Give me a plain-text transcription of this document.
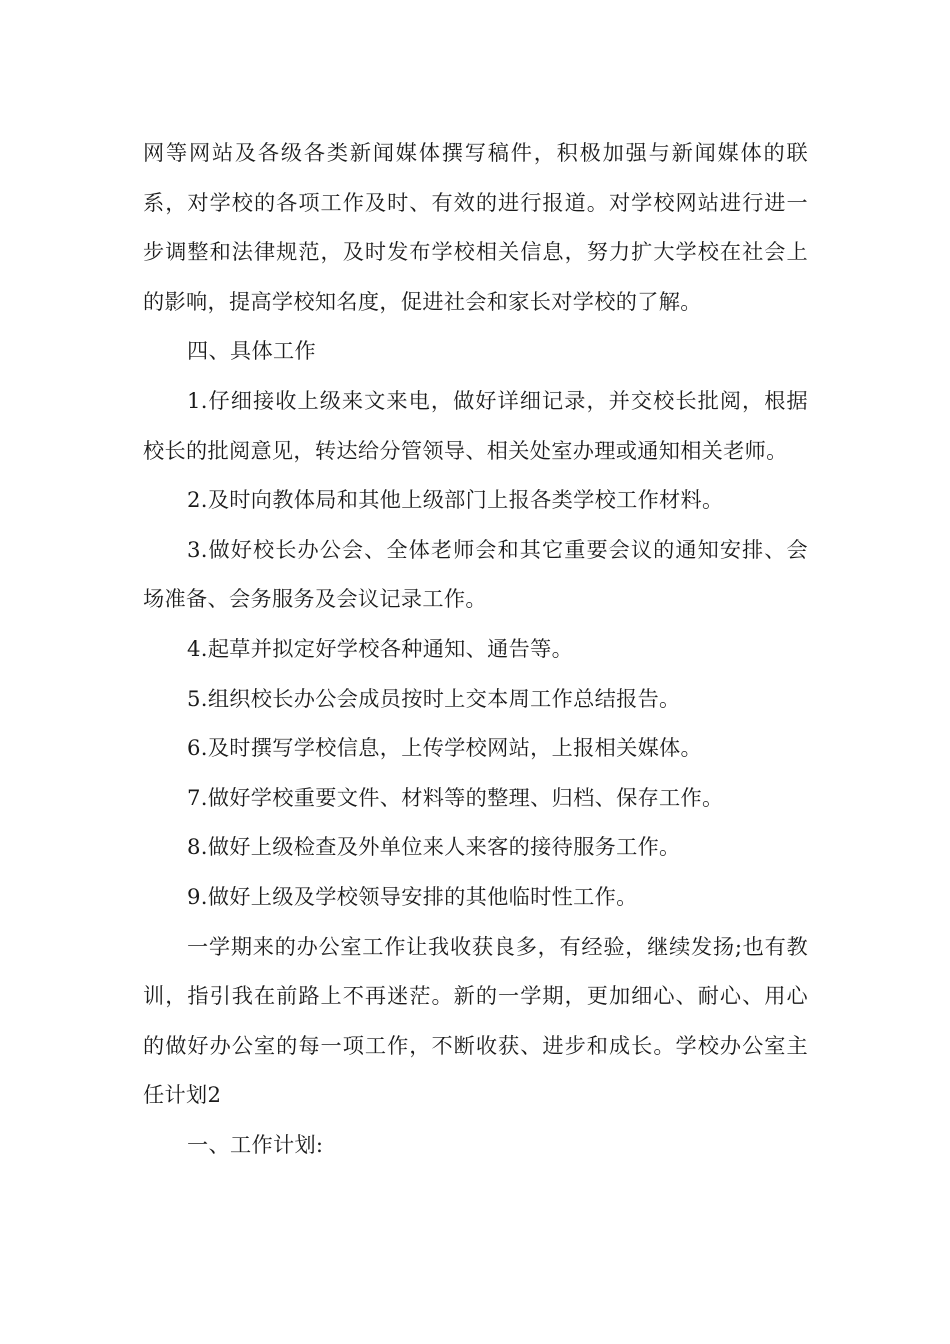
网等网站及各级各类新闻媒体撰写稿件，积极加强与新闻媒体的联系，对学校的各项工作及时、有效的进行报道。对学校网站进行进一步调整和法律规范，及时发布学校相关信息，努力扩大学校在社会上的影响，提高学校知名度，促进社会和家长对学校的了解。

四、具体工作

1.仔细接收上级来文来电，做好详细记录，并交校长批阅，根据校长的批阅意见，转达给分管领导、相关处室办理或通知相关老师。

2.及时向教体局和其他上级部门上报各类学校工作材料。

3.做好校长办公会、全体老师会和其它重要会议的通知安排、会场准备、会务服务及会议记录工作。

4.起草并拟定好学校各种通知、通告等。

5.组织校长办公会成员按时上交本周工作总结报告。

6.及时撰写学校信息，上传学校网站，上报相关媒体。

7.做好学校重要文件、材料等的整理、归档、保存工作。

8.做好上级检查及外单位来人来客的接待服务工作。

9.做好上级及学校领导安排的其他临时性工作。

一学期来的办公室工作让我收获良多，有经验，继续发扬;也有教训，指引我在前路上不再迷茫。新的一学期，更加细心、耐心、用心的做好办公室的每一项工作，不断收获、进步和成长。学校办公室主任计划2

一、工作计划:
